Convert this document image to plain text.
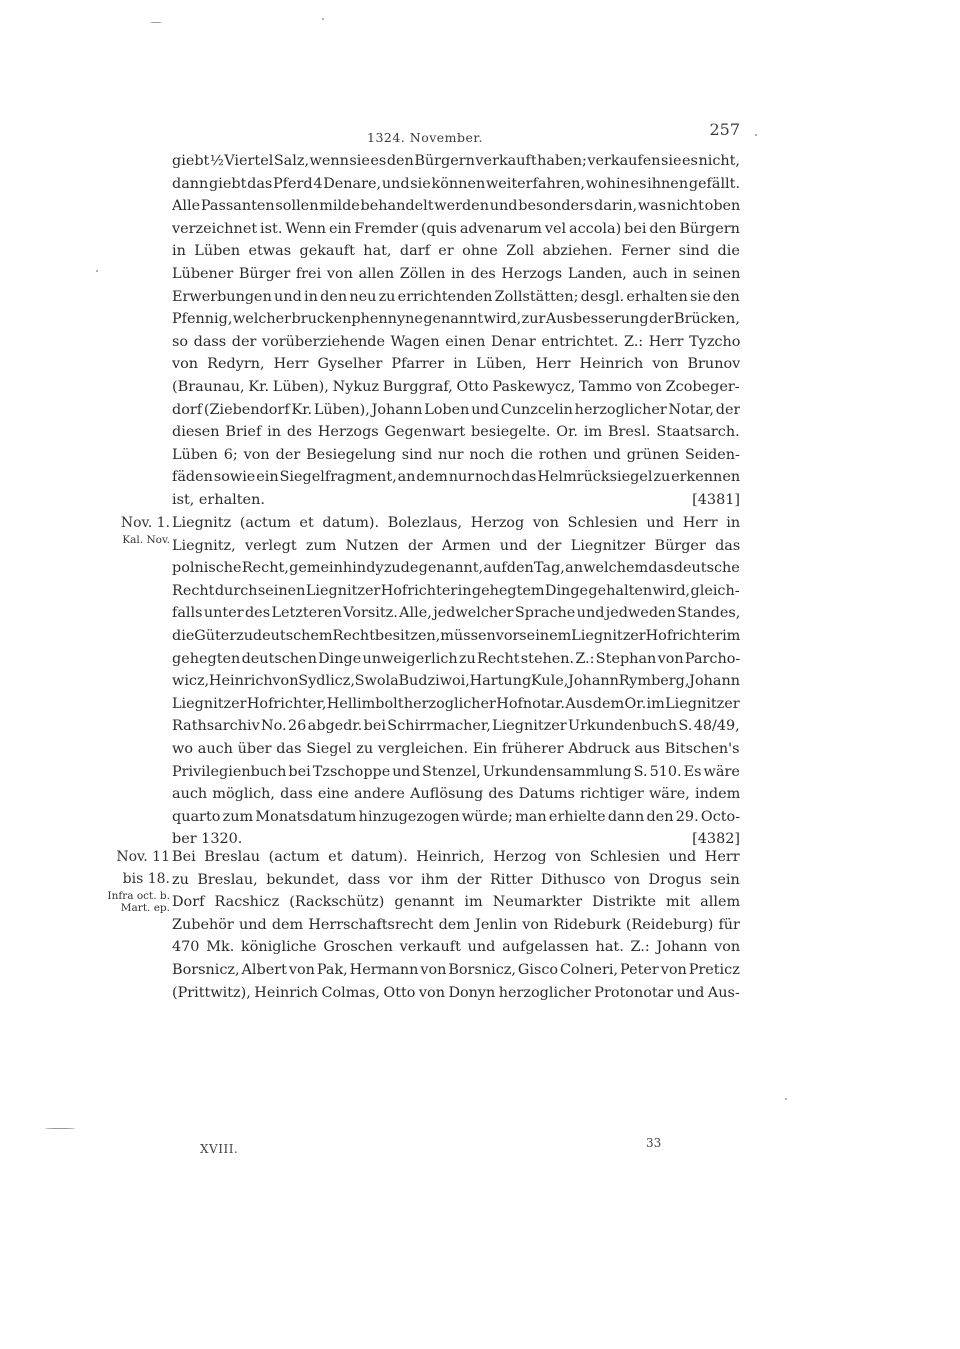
1324. November.	257
giebt ½ Viertel Salz, wenn sie es den Bürgern verkauft haben; verkaufen sie es nicht,
dann giebt das Pferd 4 Denare, und sie können weiterfahren, wohin es ihnen gefällt.
Alle Passanten sollen milde behandelt werden und besonders darin, was nicht oben
verzeichnet ist. Wenn ein Fremder (quis advenarum vel accola) bei den Bürgern
in Lüben etwas gekauft hat, darf er ohne Zoll abziehen. Ferner sind die
Lübener Bürger frei von allen Zöllen in des Herzogs Landen, auch in seinen
Erwerbungen und in den neu zu errichtenden Zollstätten; desgl. erhalten sie den
Pfennig, welcher bruckenphennyne genannt wird, zur Ausbesserung der Brücken,
so dass der vorüberziehende Wagen einen Denar entrichtet. Z.: Herr Tyzcho
von Redyrn, Herr Gyselher Pfarrer in Lüben, Herr Heinrich von Brunov
(Braunau, Kr. Lüben), Nykuz Burggraf, Otto Paskewycz, Tammo von Zcobeger-
dorf (Ziebendorf Kr. Lüben), Johann Loben und Cunzcelin herzoglicher Notar, der
diesen Brief in des Herzogs Gegenwart besiegelte. Or. im Bresl. Staatsarch.
Lüben 6; von der Besiegelung sind nur noch die rothen und grünen Seiden-
fäden sowie ein Siegelfragment, an dem nur noch das Helmrücksiegel zu erkennen
ist, erhalten.	[4381]
Nov. 1.
Kal. Nov.
Liegnitz (actum et datum). Bolezlaus, Herzog von Schlesien und Herr in
Liegnitz, verlegt zum Nutzen der Armen und der Liegnitzer Bürger das
polnische Recht, gemeinhin dy zude genannt, auf den Tag, an welchem das deutsche
Recht durch seinen Liegnitzer Hofrichter in gehegtem Dinge gehalten wird, gleich-
falls unter des Letzteren Vorsitz. Alle, jedwelcher Sprache und jedweden Standes,
die Güter zu deutschem Recht besitzen, müssen vor seinem Liegnitzer Hofrichter im
gehegten deutschen Dinge unweigerlich zu Recht stehen. Z.: Stephan von Parcho-
wicz, Heinrich von Sydlicz, Swola Budziwoi, Hartung Kule, Johann Rymberg, Johann
Liegnitzer Hofrichter, Hellimbolt herzoglicher Hofnotar. Aus dem Or. im Liegnitzer
Rathsarchiv No. 26 abgedr. bei Schirrmacher, Liegnitzer Urkundenbuch S. 48/49,
wo auch über das Siegel zu vergleichen. Ein früherer Abdruck aus Bitschen's
Privilegienbuch bei Tzschoppe und Stenzel, Urkundensammlung S. 510. Es wäre
auch möglich, dass eine andere Auflösung des Datums richtiger wäre, indem
quarto zum Monatsdatum hinzugezogen würde; man erhielte dann den 29. Octo-
ber 1320.	[4382]
Nov. 11 bis 18.
Infra oct. b.
Mart. ep.
Bei Breslau (actum et datum). Heinrich, Herzog von Schlesien und Herr
zu Breslau, bekundet, dass vor ihm der Ritter Dithusco von Drogus sein
Dorf Racshicz (Rackschütz) genannt im Neumarkter Distrikte mit allem
Zubehör und dem Herrschaftsrecht dem Jenlin von Rideburk (Reideburg) für
470 Mk. königliche Groschen verkauft und aufgelassen hat. Z.: Johann von
Borsnicz, Albert von Pak, Hermann von Borsnicz, Gisco Colneri, Peter von Preticz
(Prittwitz), Heinrich Colmas, Otto von Donyn herzoglicher Protonotar und Aus-
XVIII.	33
